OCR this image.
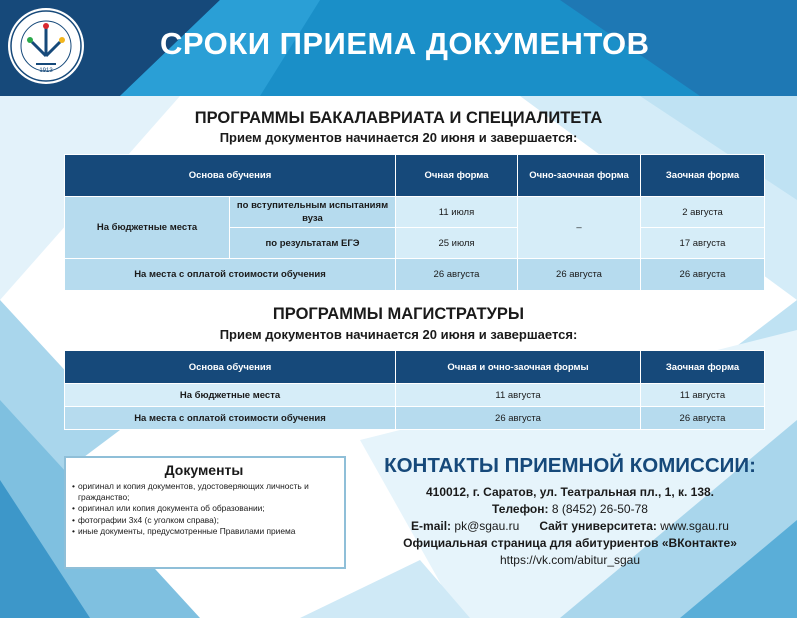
1913
СРОКИ ПРИЕМА ДОКУМЕНТОВ
ПРОГРАММЫ БАКАЛАВРИАТА И СПЕЦИАЛИТЕТА
Прием документов начинается 20 июня и завершается:
Основа обучения		Очная форма	Очно-заочная форма	Заочная форма
На бюджетные места	по вступительным испытаниям вуза	11 июля	–	2 августа
	по результатам ЕГЭ	25 июля		17 августа
На места с оплатой стоимости обучения		26 августа	26 августа	26 августа
ПРОГРАММЫ МАГИСТРАТУРЫ
Прием документов начинается 20 июня и завершается:
Основа обучения	Очная и очно-заочная формы	Заочная форма
На бюджетные места	11 августа	11 августа
На места с оплатой стоимости обучения	26 августа	26 августа
Документы
• оригинал и копия документов, удостоверяющих личность и гражданство;
• оригинал или копия документа об образовании;
• фотографии 3х4 (с уголком справа);
• иные документы, предусмотренные Правилами приема
КОНТАКТЫ ПРИЕМНОЙ КОМИССИИ:
410012, г. Саратов, ул. Театральная пл., 1, к. 138.
Телефон: 8 (8452) 26-50-78
E-mail: pk@sgau.ru Сайт университета: www.sgau.ru
Официальная страница для абитуриентов «ВКонтакте»
https://vk.com/abitur_sgau
